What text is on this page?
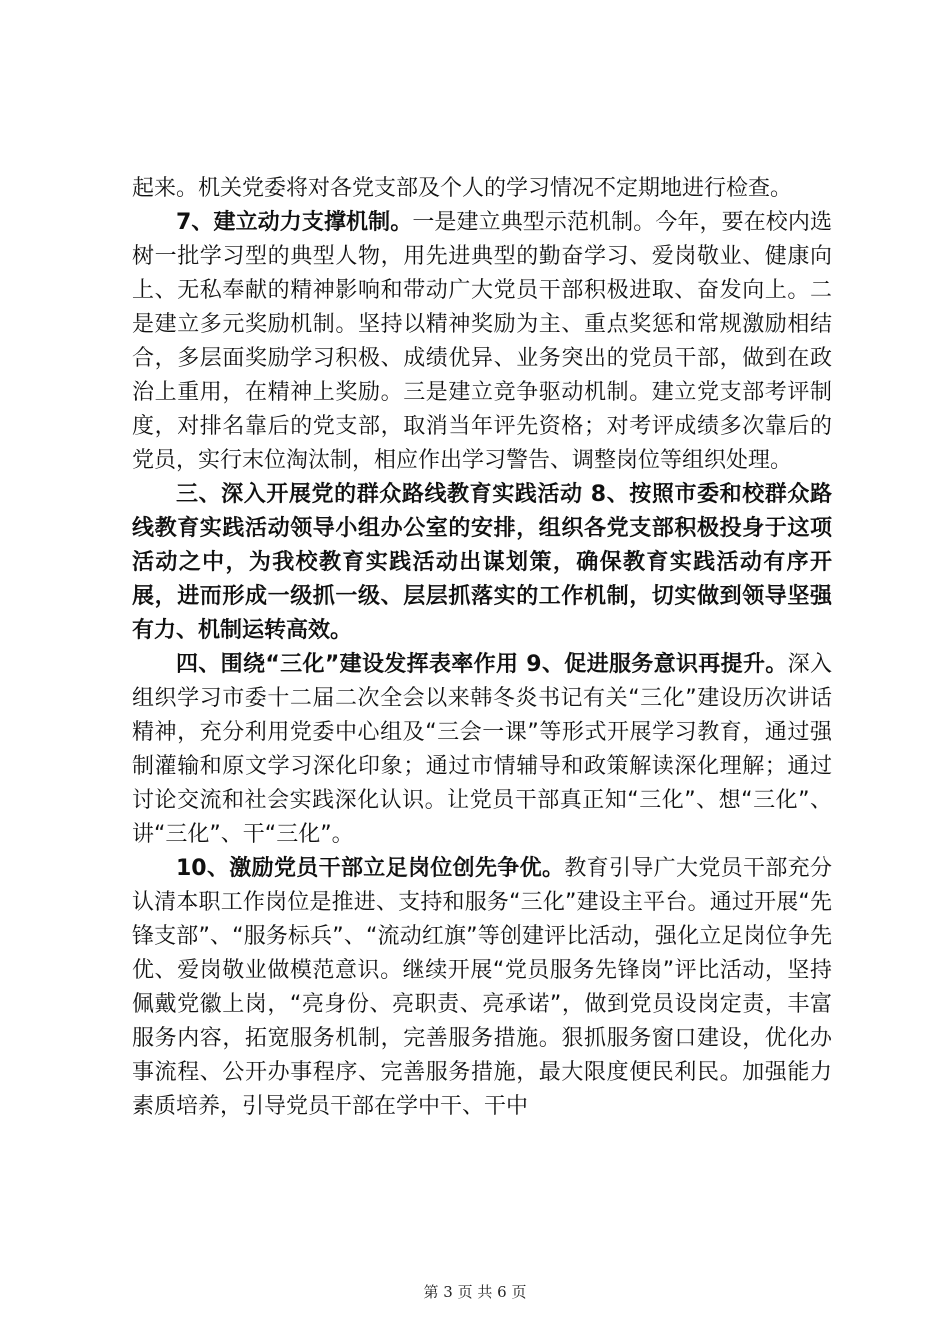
起来。机关党委将对各党支部及个人的学习情况不定期地进行检查。

7、建立动力支撑机制。一是建立典型示范机制。今年，要在校内选树一批学习型的典型人物，用先进典型的勤奋学习、爱岗敬业、健康向上、无私奉献的精神影响和带动广大党员干部积极进取、奋发向上。二是建立多元奖励机制。坚持以精神奖励为主、重点奖惩和常规激励相结合，多层面奖励学习积极、成绩优异、业务突出的党员干部，做到在政治上重用，在精神上奖励。三是建立竞争驱动机制。建立党支部考评制度，对排名靠后的党支部，取消当年评先资格；对考评成绩多次靠后的党员，实行末位淘汰制，相应作出学习警告、调整岗位等组织处理。

三、深入开展党的群众路线教育实践活动 8、按照市委和校群众路线教育实践活动领导小组办公室的安排，组织各党支部积极投身于这项活动之中，为我校教育实践活动出谋划策，确保教育实践活动有序开展，进而形成一级抓一级、层层抓落实的工作机制，切实做到领导坚强有力、机制运转高效。

四、围绕“三化”建设发挥表率作用 9、促进服务意识再提升。深入组织学习市委十二届二次全会以来韩冬炎书记有关“三化”建设历次讲话精神，充分利用党委中心组及“三会一课”等形式开展学习教育，通过强制灌输和原文学习深化印象；通过市情辅导和政策解读深化理解；通过讨论交流和社会实践深化认识。让党员干部真正知“三化”、想“三化”、讲“三化”、干“三化”。

10、激励党员干部立足岗位创先争优。教育引导广大党员干部充分认清本职工作岗位是推进、支持和服务“三化”建设主平台。通过开展“先锋支部”、“服务标兵”、“流动红旗”等创建评比活动，强化立足岗位争先优、爱岗敬业做模范意识。继续开展“党员服务先锋岗”评比活动，坚持佩戴党徽上岗，“亮身份、亮职责、亮承诺”，做到党员设岗定责，丰富服务内容，拓宽服务机制，完善服务措施。狠抓服务窗口建设，优化办事流程、公开办事程序、完善服务措施，最大限度便民利民。加强能力素质培养，引导党员干部在学中干、干中

第 3 页 共 6 页
